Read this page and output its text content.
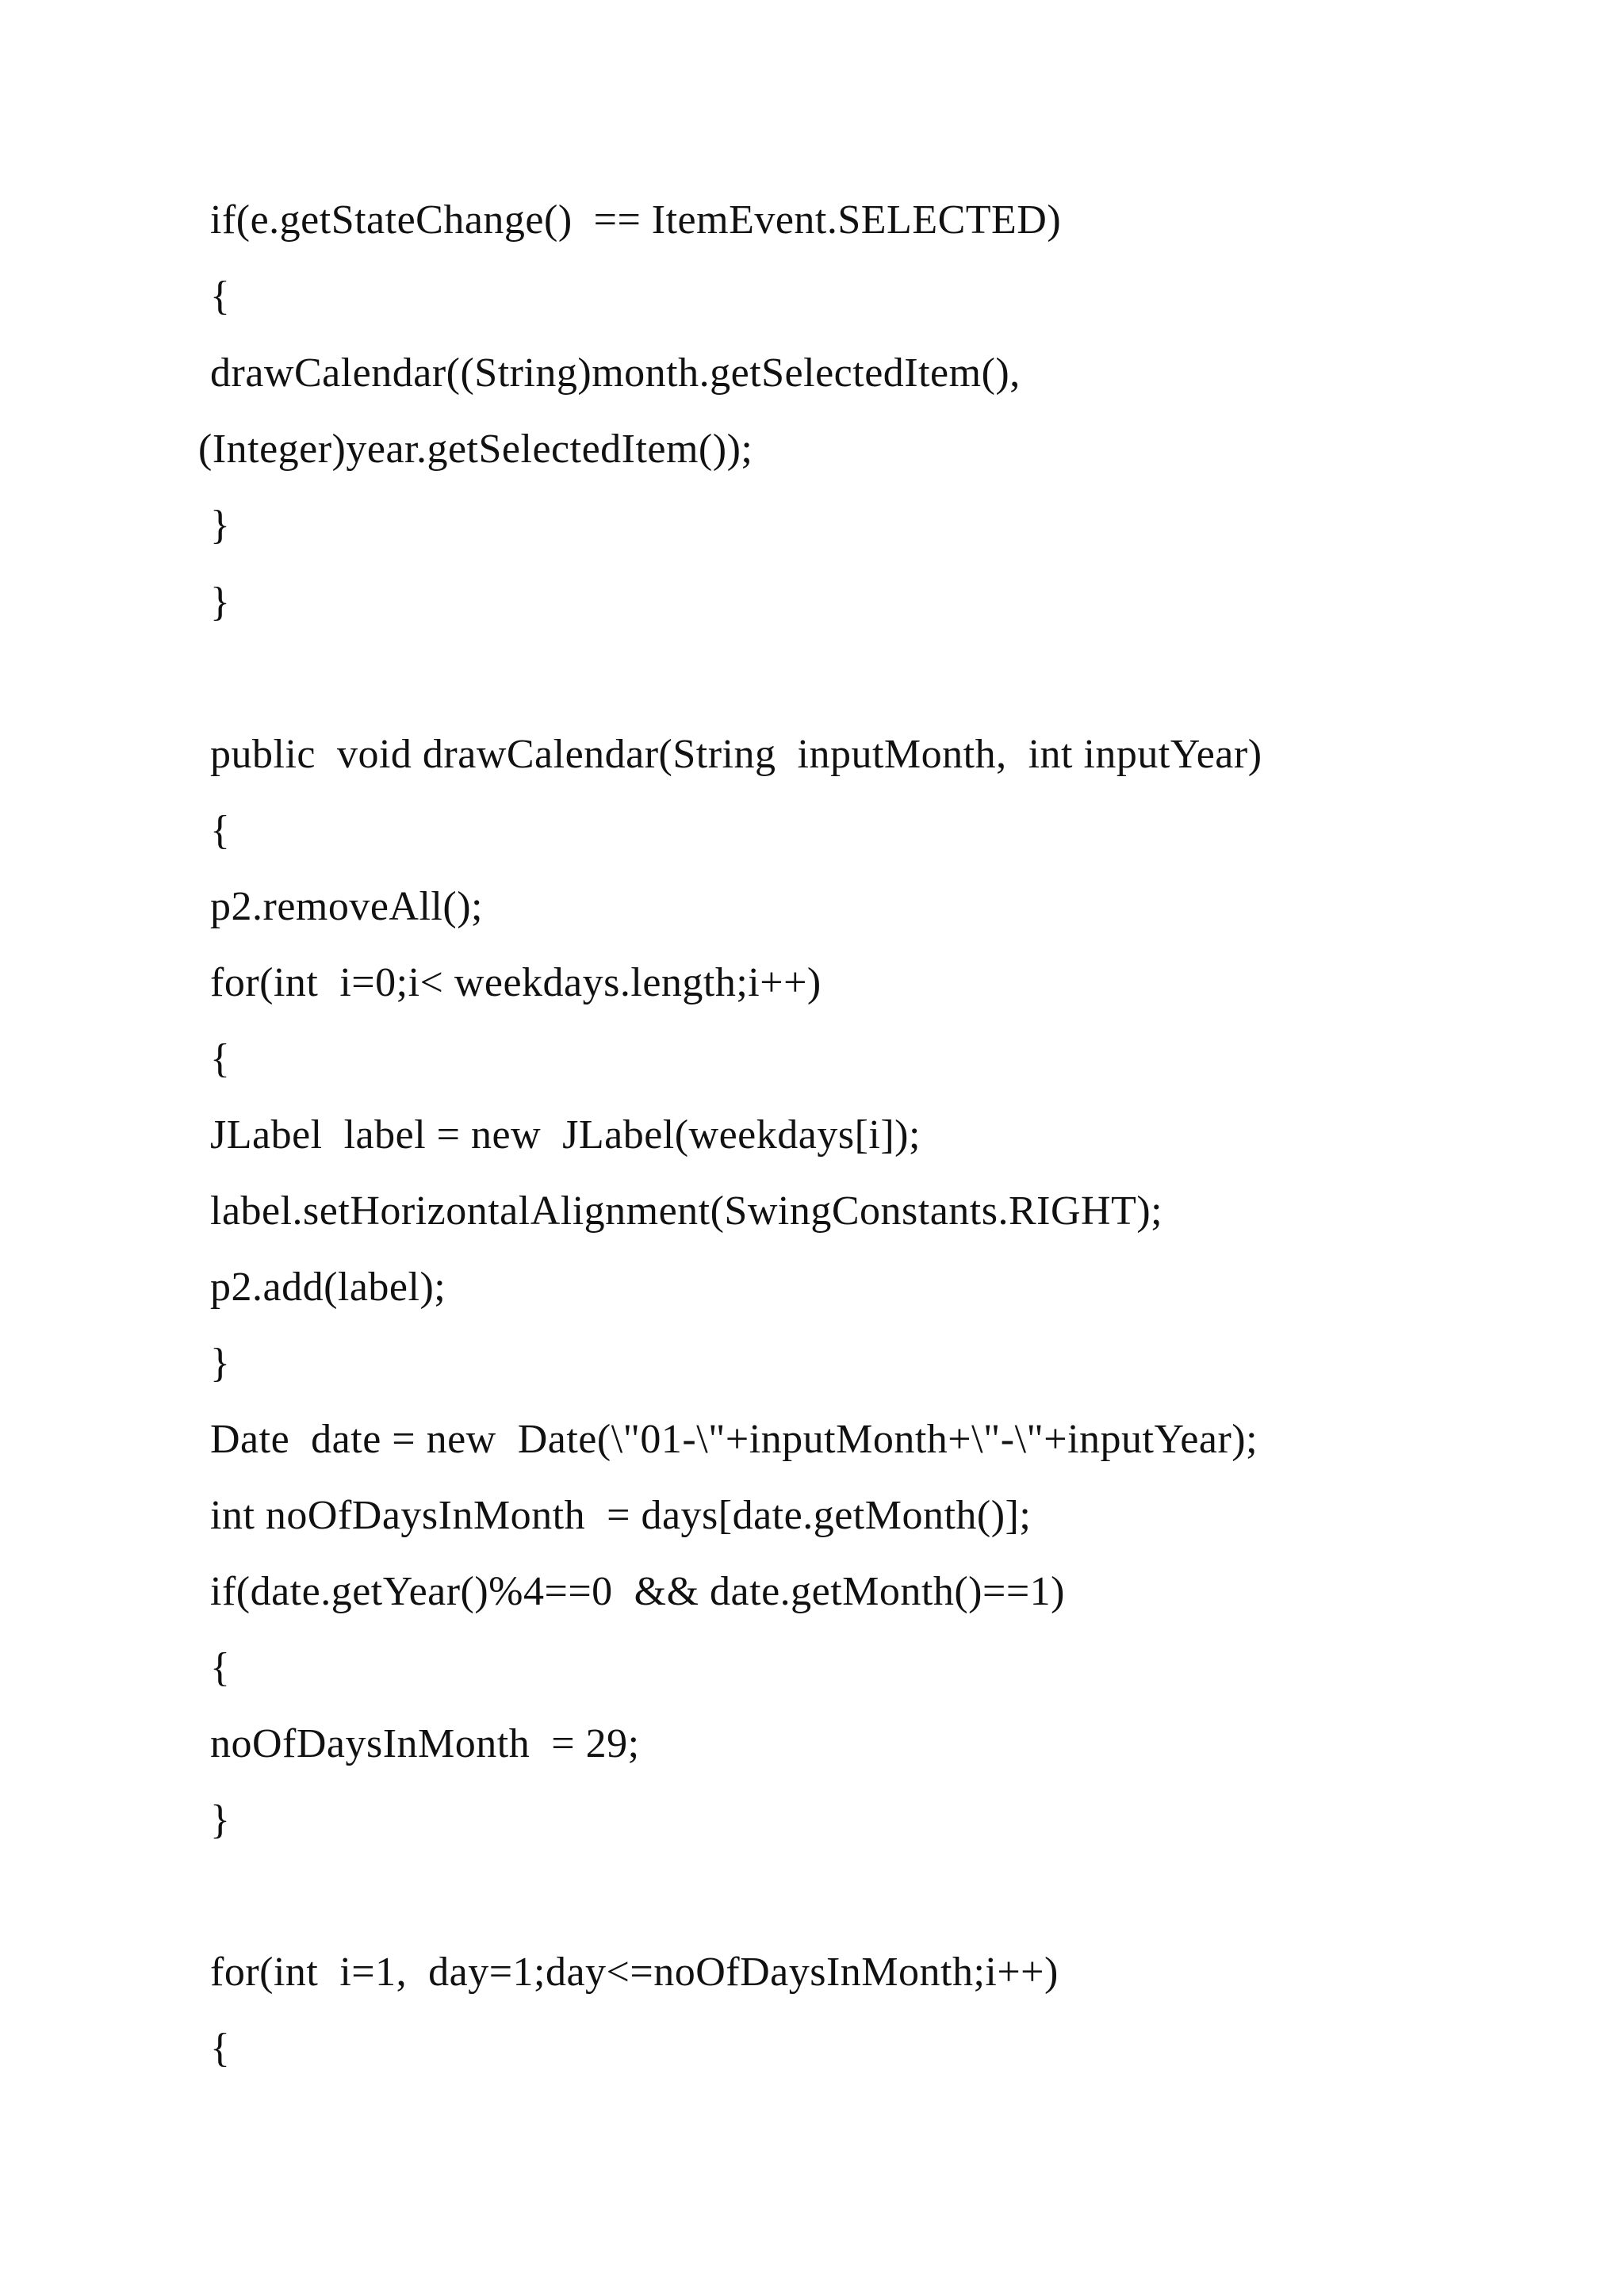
if(e.getStateChange()  == ItemEvent.SELECTED)
{
drawCalendar((String)month.getSelectedItem(),
(Integer)year.getSelectedItem());
}
}
public  void drawCalendar(String  inputMonth,  int inputYear)
{
p2.removeAll();
for(int  i=0;i< weekdays.length;i++)
{
JLabel  label = new  JLabel(weekdays[i]);
label.setHorizontalAlignment(SwingConstants.RIGHT);
p2.add(label);
}
Date  date = new  Date(\"01-\"+inputMonth+\"-\"+inputYear);
int noOfDaysInMonth  = days[date.getMonth()];
if(date.getYear()%4==0  && date.getMonth()==1)
{
noOfDaysInMonth  = 29;
}
for(int  i=1,  day=1;day<=noOfDaysInMonth;i++)
{
